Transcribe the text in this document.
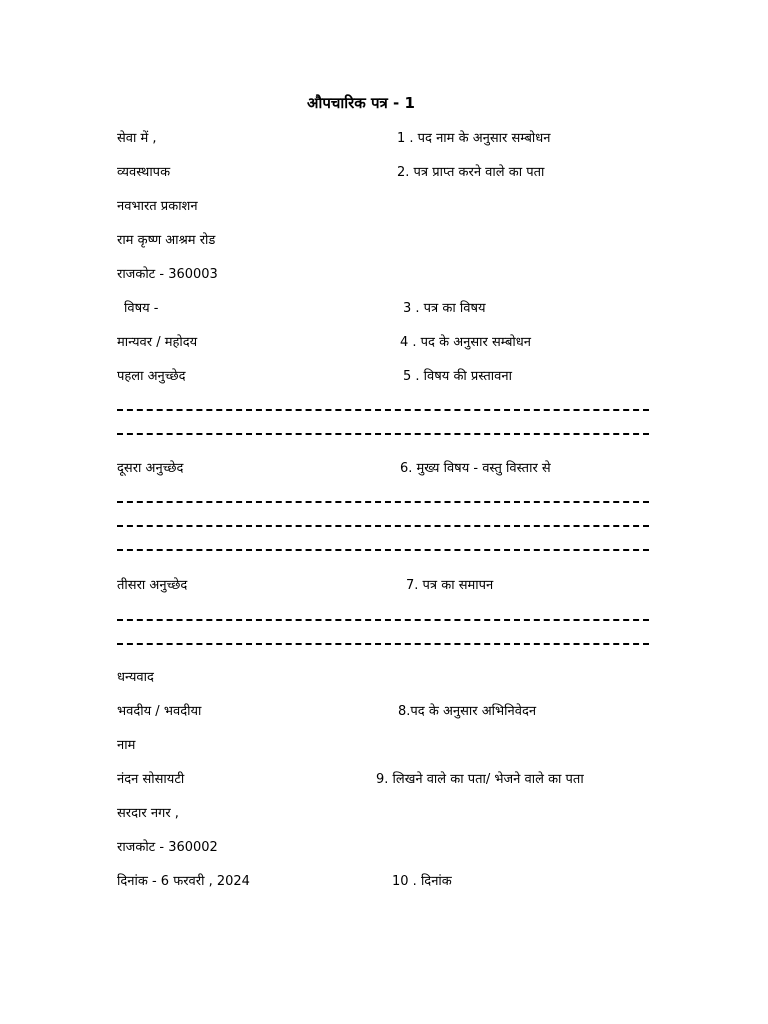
औपचारिक पत्र - 1
सेवा में ,
व्यवस्थापक
नवभारत प्रकाशन
राम कृष्ण आश्रम रोड
राजकोट - 360003
विषय -
मान्यवर / महोदय
पहला अनुच्छेद
दूसरा अनुच्छेद
तीसरा अनुच्छेद
धन्यवाद
भवदीय / भवदीया
नाम
नंदन सोसायटी
सरदार नगर ,
राजकोट - 360002
दिनांक - 6 फरवरी , 2024
1 . पद नाम के अनुसार सम्बोधन
2. पत्र प्राप्त करने वाले का पता
3 . पत्र का विषय
4 . पद के अनुसार सम्बोधन
5 . विषय की प्रस्तावना
6. मुख्य विषय - वस्तु विस्तार से
7. पत्र का समापन
8.पद के अनुसार अभिनिवेदन
9. लिखने वाले का पता/ भेजने वाले का पता
10 . दिनांक
